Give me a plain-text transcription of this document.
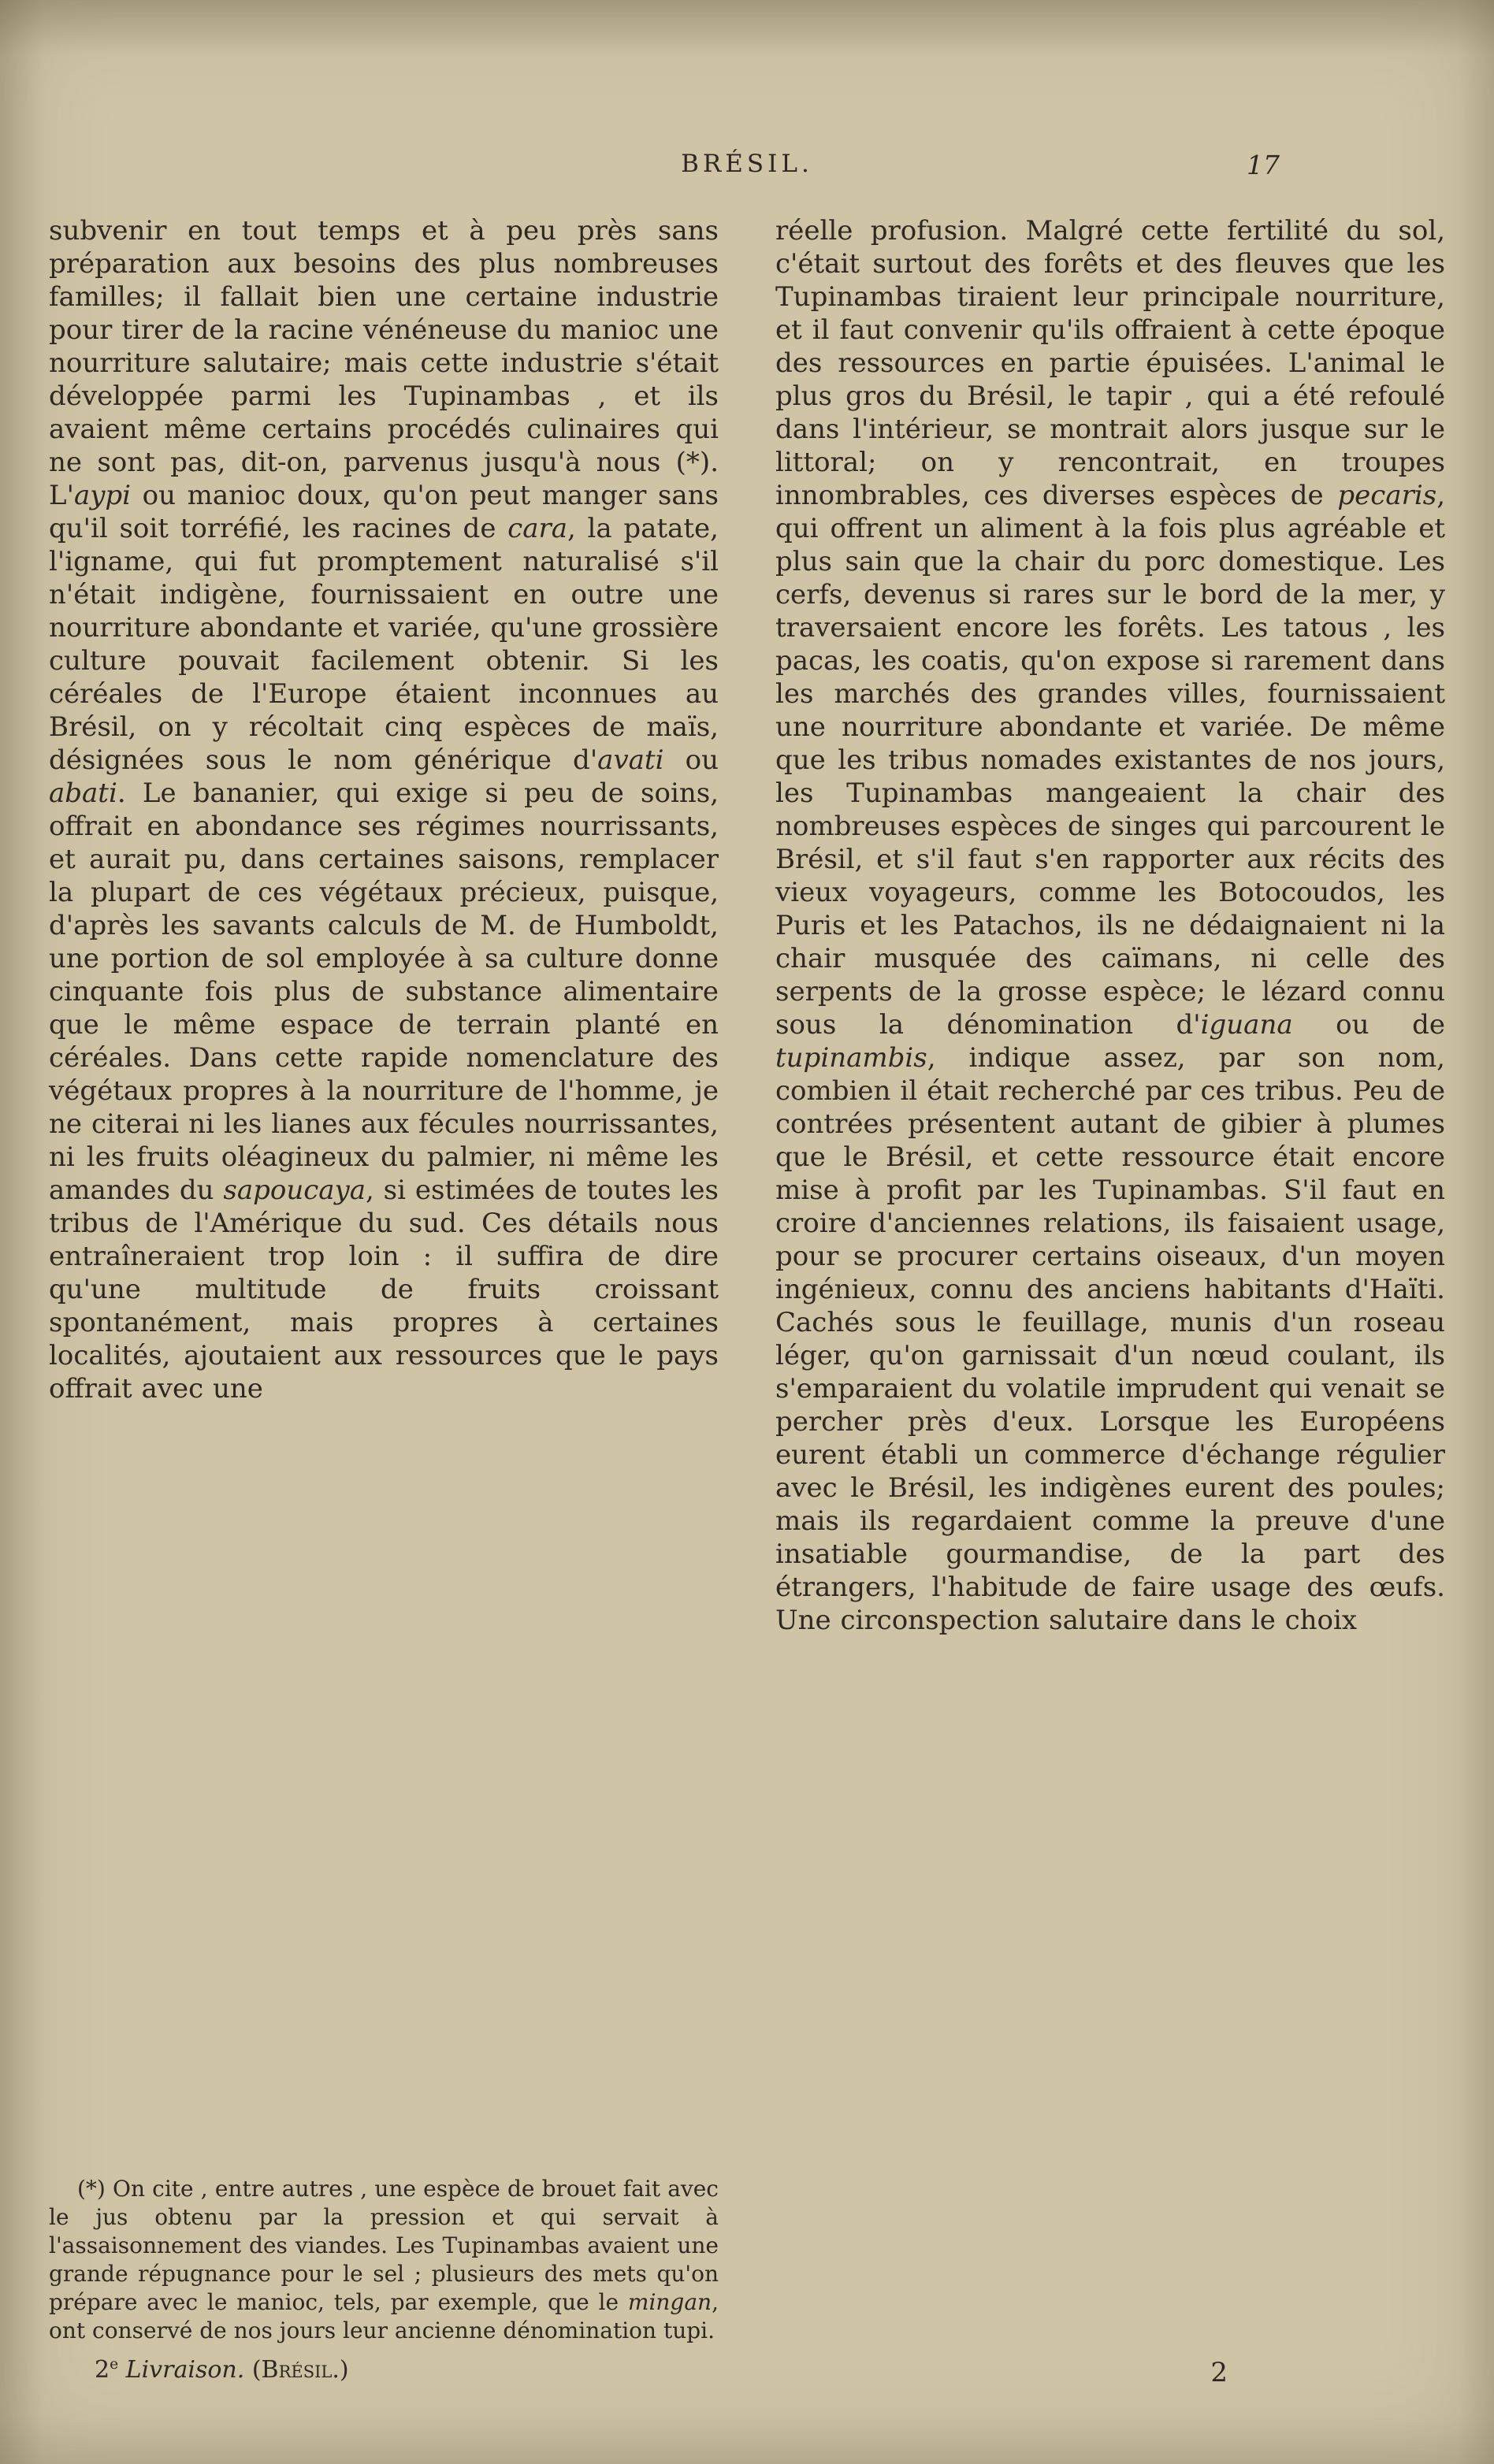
BRÉSIL.	17

subvenir en tout temps et à peu près sans préparation aux besoins des plus nombreuses familles; il fallait bien une certaine industrie pour tirer de la racine vénéneuse du manioc une nourriture salutaire; mais cette industrie s'était développée parmi les Tupinambas , et ils avaient même certains procédés culinaires qui ne sont pas, dit-on, parvenus jusqu'à nous (*). L'aypi ou manioc doux, qu'on peut manger sans qu'il soit torréfié, les racines de cara, la patate, l'igname, qui fut promptement naturalisé s'il n'était indigène, fournissaient en outre une nourriture abondante et variée, qu'une grossière culture pouvait facilement obtenir. Si les céréales de l'Europe étaient inconnues au Brésil, on y récoltait cinq espèces de maïs, désignées sous le nom générique d'avati ou abati. Le bananier, qui exige si peu de soins, offrait en abondance ses régimes nourrissants, et aurait pu, dans certaines saisons, remplacer la plupart de ces végétaux précieux, puisque, d'après les savants calculs de M. de Humboldt, une portion de sol employée à sa culture donne cinquante fois plus de substance alimentaire que le même espace de terrain planté en céréales. Dans cette rapide nomenclature des végétaux propres à la nourriture de l'homme, je ne citerai ni les lianes aux fécules nourrissantes, ni les fruits oléagineux du palmier, ni même les amandes du sapoucaya, si estimées de toutes les tribus de l'Amérique du sud. Ces détails nous entraîneraient trop loin : il suffira de dire qu'une multitude de fruits croissant spontanément, mais propres à certaines localités, ajoutaient aux ressources que le pays offrait avec une

(*) On cite , entre autres , une espèce de brouet fait avec le jus obtenu par la pression et qui servait à l'assaisonnement des viandes. Les Tupinambas avaient une grande répugnance pour le sel ; plusieurs des mets qu'on prépare avec le manioc, tels, par exemple, que le mingan, ont conservé de nos jours leur ancienne dénomination tupi.
2e Livraison. (Brésil.)

réelle profusion. Malgré cette fertilité du sol, c'était surtout des forêts et des fleuves que les Tupinambas tiraient leur principale nourriture, et il faut convenir qu'ils offraient à cette époque des ressources en partie épuisées. L'animal le plus gros du Brésil, le tapir , qui a été refoulé dans l'intérieur, se montrait alors jusque sur le littoral; on y rencontrait, en troupes innombrables, ces diverses espèces de pecaris, qui offrent un aliment à la fois plus agréable et plus sain que la chair du porc domestique. Les cerfs, devenus si rares sur le bord de la mer, y traversaient encore les forêts. Les tatous , les pacas, les coatis, qu'on expose si rarement dans les marchés des grandes villes, fournissaient une nourriture abondante et variée. De même que les tribus nomades existantes de nos jours, les Tupinambas mangeaient la chair des nombreuses espèces de singes qui parcourent le Brésil, et s'il faut s'en rapporter aux récits des vieux voyageurs, comme les Botocoudos, les Puris et les Patachos, ils ne dédaignaient ni la chair musquée des caïmans, ni celle des serpents de la grosse espèce; le lézard connu sous la dénomination d'iguana ou de tupinambis, indique assez, par son nom, combien il était recherché par ces tribus. Peu de contrées présentent autant de gibier à plumes que le Brésil, et cette ressource était encore mise à profit par les Tupinambas. S'il faut en croire d'anciennes relations, ils faisaient usage, pour se procurer certains oiseaux, d'un moyen ingénieux, connu des anciens habitants d'Haïti. Cachés sous le feuillage, munis d'un roseau léger, qu'on garnissait d'un nœud coulant, ils s'emparaient du volatile imprudent qui venait se percher près d'eux. Lorsque les Européens eurent établi un commerce d'échange régulier avec le Brésil, les indigènes eurent des poules; mais ils regardaient comme la preuve d'une insatiable gourmandise, de la part des étrangers, l'habitude de faire usage des œufs. Une circonspection salutaire dans le choix

2
